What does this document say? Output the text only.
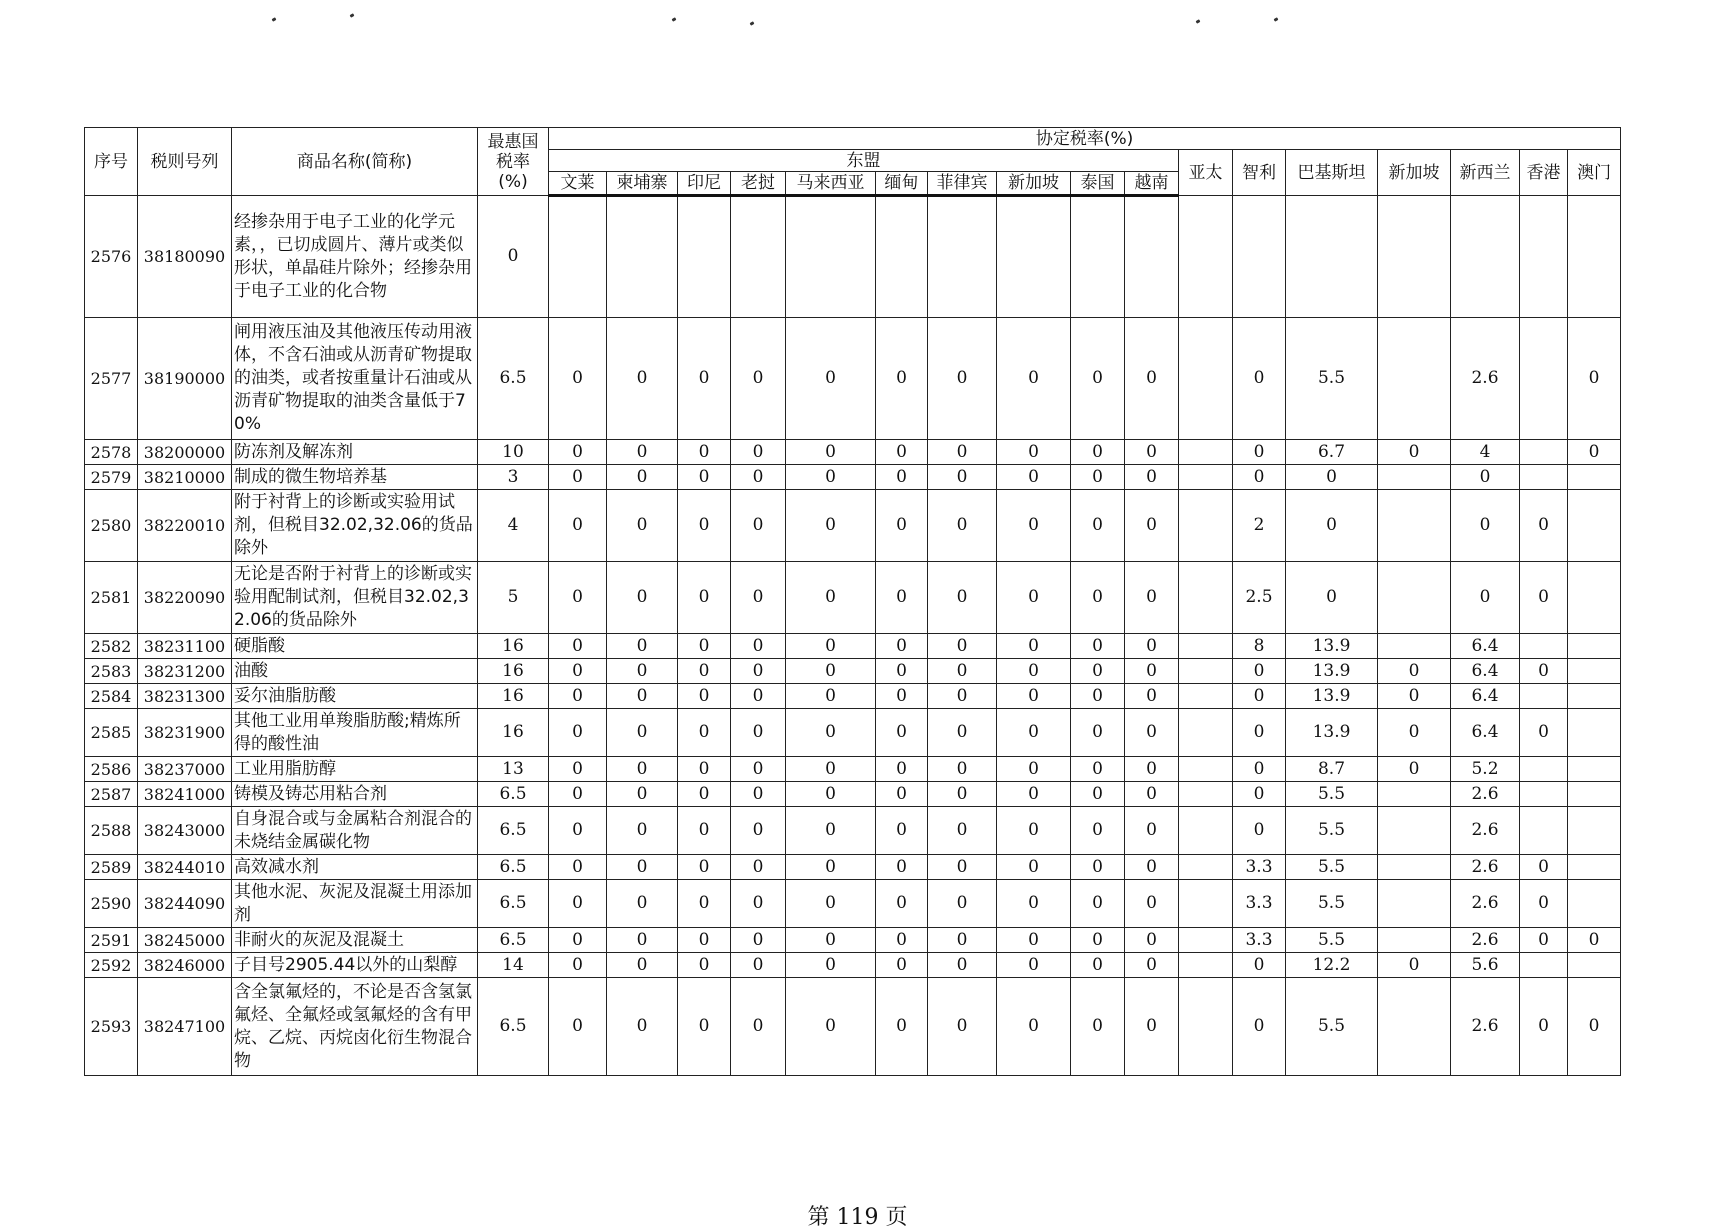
序号	税则号列	商品名称(简称)	最惠国
税率
(%)	协定税率(%)																
				东盟										亚太	智利	巴基斯坦	新加坡	新西兰	香港	澳门
				文莱	柬埔寨	印尼	老挝	马来西亚	缅甸	菲律宾	新加坡	泰国	越南							
2576	38180090	经掺杂用于电子工业的化学元素，，已切成圆片、薄片或类似形状，单晶硅片除外；经掺杂用于电子工业的化合物	0																	
2577	38190000	闸用液压油及其他液压传动用液体，不含石油或从沥青矿物提取的油类，或者按重量计石油或从沥青矿物提取的油类含量低于70%	6.5	0	0	0	0	0	0	0	0	0	0		0	5.5		2.6		0
2578	38200000	防冻剂及解冻剂	10	0	0	0	0	0	0	0	0	0	0		0	6.7	0	4		0
2579	38210000	制成的微生物培养基	3	0	0	0	0	0	0	0	0	0	0		0	0		0		
2580	38220010	附于衬背上的诊断或实验用试剂，但税目32.02,32.06的货品除外	4	0	0	0	0	0	0	0	0	0	0		2	0		0	0	
2581	38220090	无论是否附于衬背上的诊断或实验用配制试剂，但税目32.02,32.06的货品除外	5	0	0	0	0	0	0	0	0	0	0		2.5	0		0	0	
2582	38231100	硬脂酸	16	0	0	0	0	0	0	0	0	0	0		8	13.9		6.4		
2583	38231200	油酸	16	0	0	0	0	0	0	0	0	0	0		0	13.9	0	6.4	0	
2584	38231300	妥尔油脂肪酸	16	0	0	0	0	0	0	0	0	0	0		0	13.9	0	6.4		
2585	38231900	其他工业用单羧脂肪酸;精炼所得的酸性油	16	0	0	0	0	0	0	0	0	0	0		0	13.9	0	6.4	0	
2586	38237000	工业用脂肪醇	13	0	0	0	0	0	0	0	0	0	0		0	8.7	0	5.2		
2587	38241000	铸模及铸芯用粘合剂	6.5	0	0	0	0	0	0	0	0	0	0		0	5.5		2.6		
2588	38243000	自身混合或与金属粘合剂混合的未烧结金属碳化物	6.5	0	0	0	0	0	0	0	0	0	0		0	5.5		2.6		
2589	38244010	高效减水剂	6.5	0	0	0	0	0	0	0	0	0	0		3.3	5.5		2.6	0	
2590	38244090	其他水泥、灰泥及混凝土用添加剂	6.5	0	0	0	0	0	0	0	0	0	0		3.3	5.5		2.6	0	
2591	38245000	非耐火的灰泥及混凝土	6.5	0	0	0	0	0	0	0	0	0	0		3.3	5.5		2.6	0	0
2592	38246000	子目号2905.44以外的山梨醇	14	0	0	0	0	0	0	0	0	0	0		0	12.2	0	5.6		
2593	38247100	含全氯氟烃的，不论是否含氢氯氟烃、全氟烃或氢氟烃的含有甲烷、乙烷、丙烷卤化衍生物混合物	6.5	0	0	0	0	0	0	0	0	0	0		0	5.5		2.6	0	0
第 119 页
